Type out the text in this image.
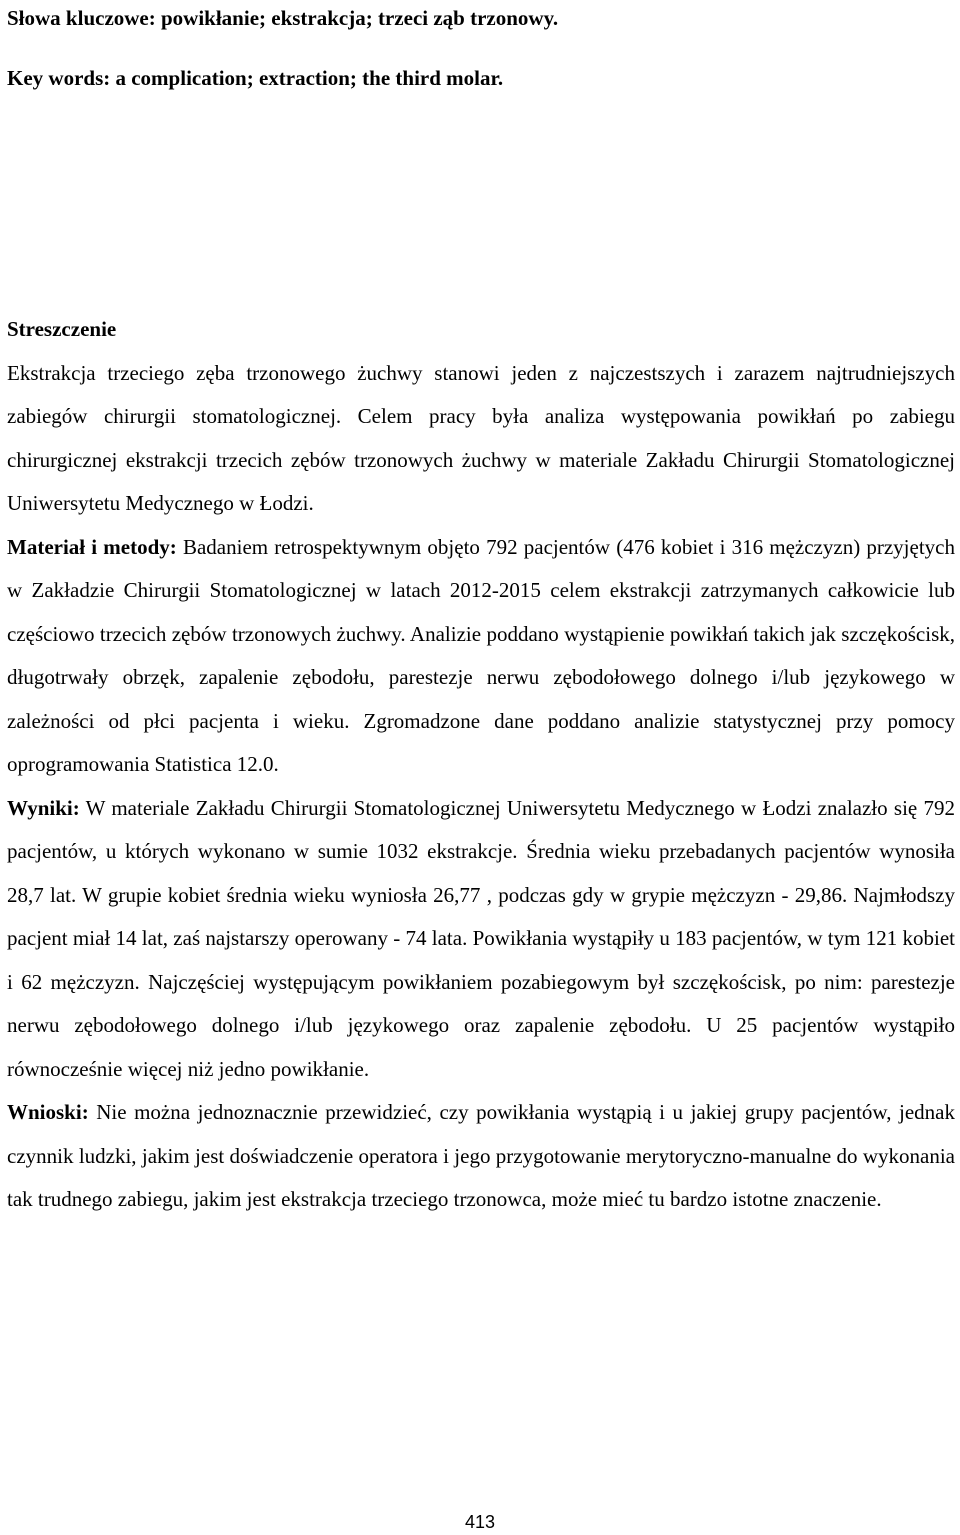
Słowa kluczowe: powikłanie; ekstrakcja; trzeci ząb trzonowy.

Key words: a complication; extraction; the third molar.

Streszczenie

Ekstrakcja trzeciego zęba trzonowego żuchwy stanowi jeden z najczestszych i zarazem najtrudniejszych zabiegów chirurgii stomatologicznej. Celem pracy była analiza występowania powikłań po zabiegu chirurgicznej ekstrakcji trzecich zębów trzonowych żuchwy w materiale Zakładu Chirurgii Stomatologicznej Uniwersytetu Medycznego w Łodzi.

Materiał i metody: Badaniem retrospektywnym objęto 792 pacjentów (476 kobiet i 316 mężczyzn) przyjętych w Zakładzie Chirurgii Stomatologicznej w latach 2012-2015 celem ekstrakcji zatrzymanych całkowicie lub częściowo trzecich zębów trzonowych żuchwy. Analizie poddano wystąpienie powikłań takich jak szczękościsk, długotrwały obrzęk, zapalenie zębodołu, parestezje nerwu zębodołowego dolnego i/lub językowego w zależności od płci pacjenta i wieku. Zgromadzone dane poddano analizie statystycznej przy pomocy oprogramowania Statistica 12.0.

Wyniki: W materiale Zakładu Chirurgii Stomatologicznej Uniwersytetu Medycznego w Łodzi znalazło się 792 pacjentów, u których wykonano w sumie 1032 ekstrakcje. Średnia wieku przebadanych pacjentów wynosiła 28,7 lat. W grupie kobiet średnia wieku wyniosła 26,77 , podczas gdy w grypie mężczyzn - 29,86. Najmłodszy pacjent miał 14 lat, zaś najstarszy operowany - 74 lata. Powikłania wystąpiły u 183 pacjentów, w tym 121 kobiet i 62 mężczyzn. Najczęściej występującym powikłaniem pozabiegowym był szczękościsk, po nim: parestezje nerwu zębodołowego dolnego i/lub językowego oraz zapalenie zębodołu. U 25 pacjentów wystąpiło równocześnie więcej niż jedno powikłanie.

Wnioski: Nie można jednoznacznie przewidzieć, czy powikłania wystąpią i u jakiej grupy pacjentów, jednak czynnik ludzki, jakim jest doświadczenie operatora i jego przygotowanie merytoryczno-manualne do wykonania tak trudnego zabiegu, jakim jest ekstrakcja trzeciego trzonowca, może mieć tu bardzo istotne znaczenie.

413
